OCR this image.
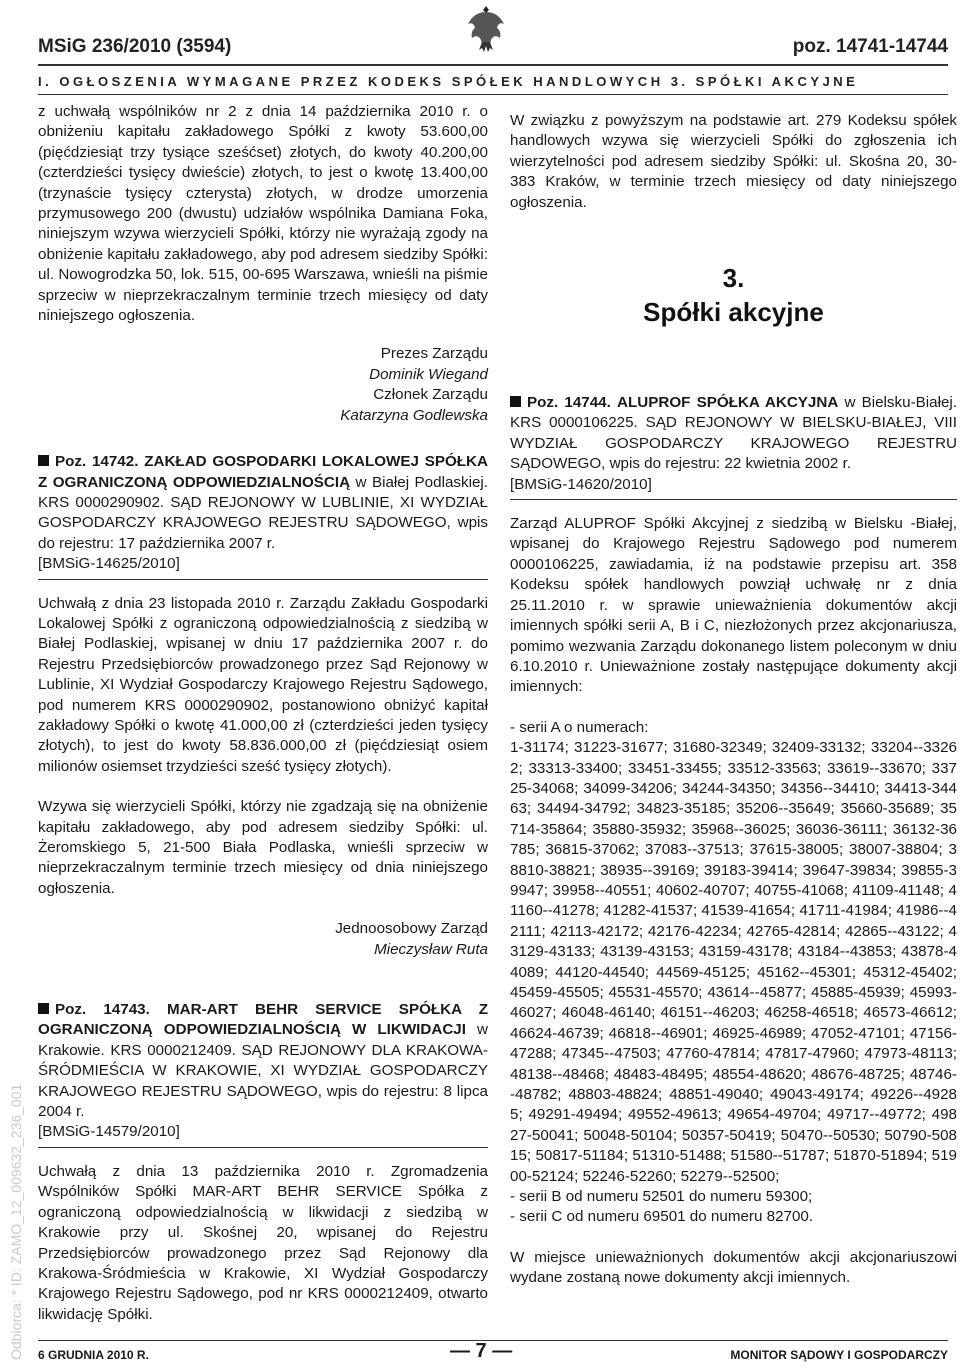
MSiG 236/2010 (3594)	poz. 14741-14744
I. OGŁOSZENIA WYMAGANE PRZEZ KODEKS SPÓŁEK HANDLOWYCH 3. SPÓŁKI AKCYJNE
Odbiorca: * ID: ZAMO_12_009632_236_001

z uchwałą wspólników nr 2 z dnia 14 października 2010 r. o obniżeniu kapitału zakładowego Spółki z kwoty 53.600,00 (pięćdziesiąt trzy tysiące sześćset) złotych, do kwoty 40.200,00 (czterdzieści tysięcy dwieście) złotych, to jest o kwotę 13.400,00 (trzynaście tysięcy czterysta) złotych, w drodze umorzenia przymusowego 200 (dwustu) udziałów wspólnika Damiana Foka, niniejszym wzywa wierzycieli Spółki, którzy nie wyrażają zgody na obniżenie kapitału zakładowego, aby pod adresem siedziby Spółki: ul. Nowogrodzka 50, lok. 515, 00-695 Warszawa, wnieśli na piśmie sprzeciw w nieprzekraczalnym terminie trzech miesięcy od daty niniejszego ogłoszenia.

Prezes Zarządu
Dominik Wiegand
Członek Zarządu
Katarzyna Godlewska

Poz. 14742. ZAKŁAD GOSPODARKI LOKALOWEJ SPÓŁKA Z OGRANICZONĄ ODPOWIEDZIALNOŚCIĄ w Białej Podlaskiej. KRS 0000290902. SĄD REJONOWY W LUBLINIE, XI WYDZIAŁ GOSPODARCZY KRAJOWEGO REJESTRU SĄDOWEGO, wpis do rejestru: 17 października 2007 r.

[BMSiG-14625/2010]

Uchwałą z dnia 23 listopada 2010 r. Zarządu Zakładu Gospodarki Lokalowej Spółki z ograniczoną odpowiedzialnością z siedzibą w Białej Podlaskiej, wpisanej w dniu 17 października 2007 r. do Rejestru Przedsiębiorców prowadzonego przez Sąd Rejonowy w Lublinie, XI Wydział Gospodarczy Krajowego Rejestru Sądowego, pod numerem KRS 0000290902, postanowiono obniżyć kapitał zakładowy Spółki o kwotę 41.000,00 zł (czterdzieści jeden tysięcy złotych), to jest do kwoty 58.836.000,00 zł (pięćdziesiąt osiem milionów osiemset trzydzieści sześć tysięcy złotych).

Wzywa się wierzycieli Spółki, którzy nie zgadzają się na obniżenie kapitału zakładowego, aby pod adresem siedziby Spółki: ul. Żeromskiego 5, 21-500 Biała Podlaska, wnieśli sprzeciw w nieprzekraczalnym terminie trzech miesięcy od dnia niniejszego ogłoszenia.

Jednoosobowy Zarząd
Mieczysław Ruta

Poz. 14743. MAR-ART BEHR SERVICE SPÓŁKA Z OGRANICZONĄ ODPOWIEDZIALNOŚCIĄ W LIKWIDACJI w Krakowie. KRS 0000212409. SĄD REJONOWY DLA KRAKOWA-ŚRÓDMIEŚCIA W KRAKOWIE, XI WYDZIAŁ GOSPODARCZY KRAJOWEGO REJESTRU SĄDOWEGO, wpis do rejestru: 8 lipca 2004 r.

[BMSiG-14579/2010]

Uchwałą z dnia 13 października 2010 r. Zgromadzenia Wspólników Spółki MAR-ART BEHR SERVICE Spółka z ograniczoną odpowiedzialnością w likwidacji z siedzibą w Krakowie przy ul. Skośnej 20, wpisanej do Rejestru Przedsiębiorców prowadzonego przez Sąd Rejonowy dla Krakowa-Śródmieścia w Krakowie, XI Wydział Gospodarczy Krajowego Rejestru Sądowego, pod nr KRS 0000212409, otwarto likwidację Spółki.

W związku z powyższym na podstawie art. 279 Kodeksu spółek handlowych wzywa się wierzycieli Spółki do zgłoszenia ich wierzytelności pod adresem siedziby Spółki: ul. Skośna 20, 30-383 Kraków, w terminie trzech miesięcy od daty niniejszego ogłoszenia.

3.
Spółki akcyjne

Poz. 14744. ALUPROF SPÓŁKA AKCYJNA w Bielsku-Białej. KRS 0000106225. SĄD REJONOWY W BIELSKU-BIAŁEJ, VIII WYDZIAŁ GOSPODARCZY KRAJOWEGO REJESTRU SĄDOWEGO, wpis do rejestru: 22 kwietnia 2002 r.

[BMSiG-14620/2010]

Zarząd ALUPROF Spółki Akcyjnej z siedzibą w Bielsku -Białej, wpisanej do Krajowego Rejestru Sądowego pod numerem 0000106225, zawiadamia, iż na podstawie przepisu art. 358 Kodeksu spółek handlowych powziął uchwałę nr z dnia 25.11.2010 r. w sprawie unieważnienia dokumentów akcji imiennych spółki serii A, B i C, niezłożonych przez akcjonariusza, pomimo wezwania Zarządu dokonanego listem poleconym w dniu 6.10.2010 r. Unieważnione zostały następujące dokumenty akcji imiennych:

- serii A o numerach:

1-31174; 31223-31677; 31680-32349; 32409-33132; 33204--33262; 33313-33400; 33451-33455; 33512-33563; 33619--33670; 33725-34068; 34099-34206; 34244-34350; 34356--34410; 34413-34463; 34494-34792; 34823-35185; 35206--35649; 35660-35689; 35714-35864; 35880-35932; 35968--36025; 36036-36111; 36132-36785; 36815-37062; 37083--37513; 37615-38005; 38007-38804; 38810-38821; 38935--39169; 39183-39414; 39647-39834; 39855-39947; 39958--40551; 40602-40707; 40755-41068; 41109-41148; 41160--41278; 41282-41537; 41539-41654; 41711-41984; 41986--42111; 42113-42172; 42176-42234; 42765-42814; 42865--43122; 43129-43133; 43139-43153; 43159-43178; 43184--43853; 43878-44089; 44120-44540; 44569-45125; 45162--45301; 45312-45402; 45459-45505; 45531-45570; 43614--45877; 45885-45939; 45993-46027; 46048-46140; 46151--46203; 46258-46518; 46573-46612; 46624-46739; 46818--46901; 46925-46989; 47052-47101; 47156-47288; 47345--47503; 47760-47814; 47817-47960; 47973-48113; 48138--48468; 48483-48495; 48554-48620; 48676-48725; 48746--48782; 48803-48824; 48851-49040; 49043-49174; 49226--49285; 49291-49494; 49552-49613; 49654-49704; 49717--49772; 49827-50041; 50048-50104; 50357-50419; 50470--50530; 50790-50815; 50817-51184; 51310-51488; 51580--51787; 51870-51894; 51900-52124; 52246-52260; 52279--52500;

- serii B od numeru 52501 do numeru 59300;

- serii C od numeru 69501 do numeru 82700.

W miejsce unieważnionych dokumentów akcji akcjonariuszowi wydane zostaną nowe dokumenty akcji imiennych.

6 GRUDNIA 2010 R.	— 7 —	MONITOR SĄDOWY I GOSPODARCZY
